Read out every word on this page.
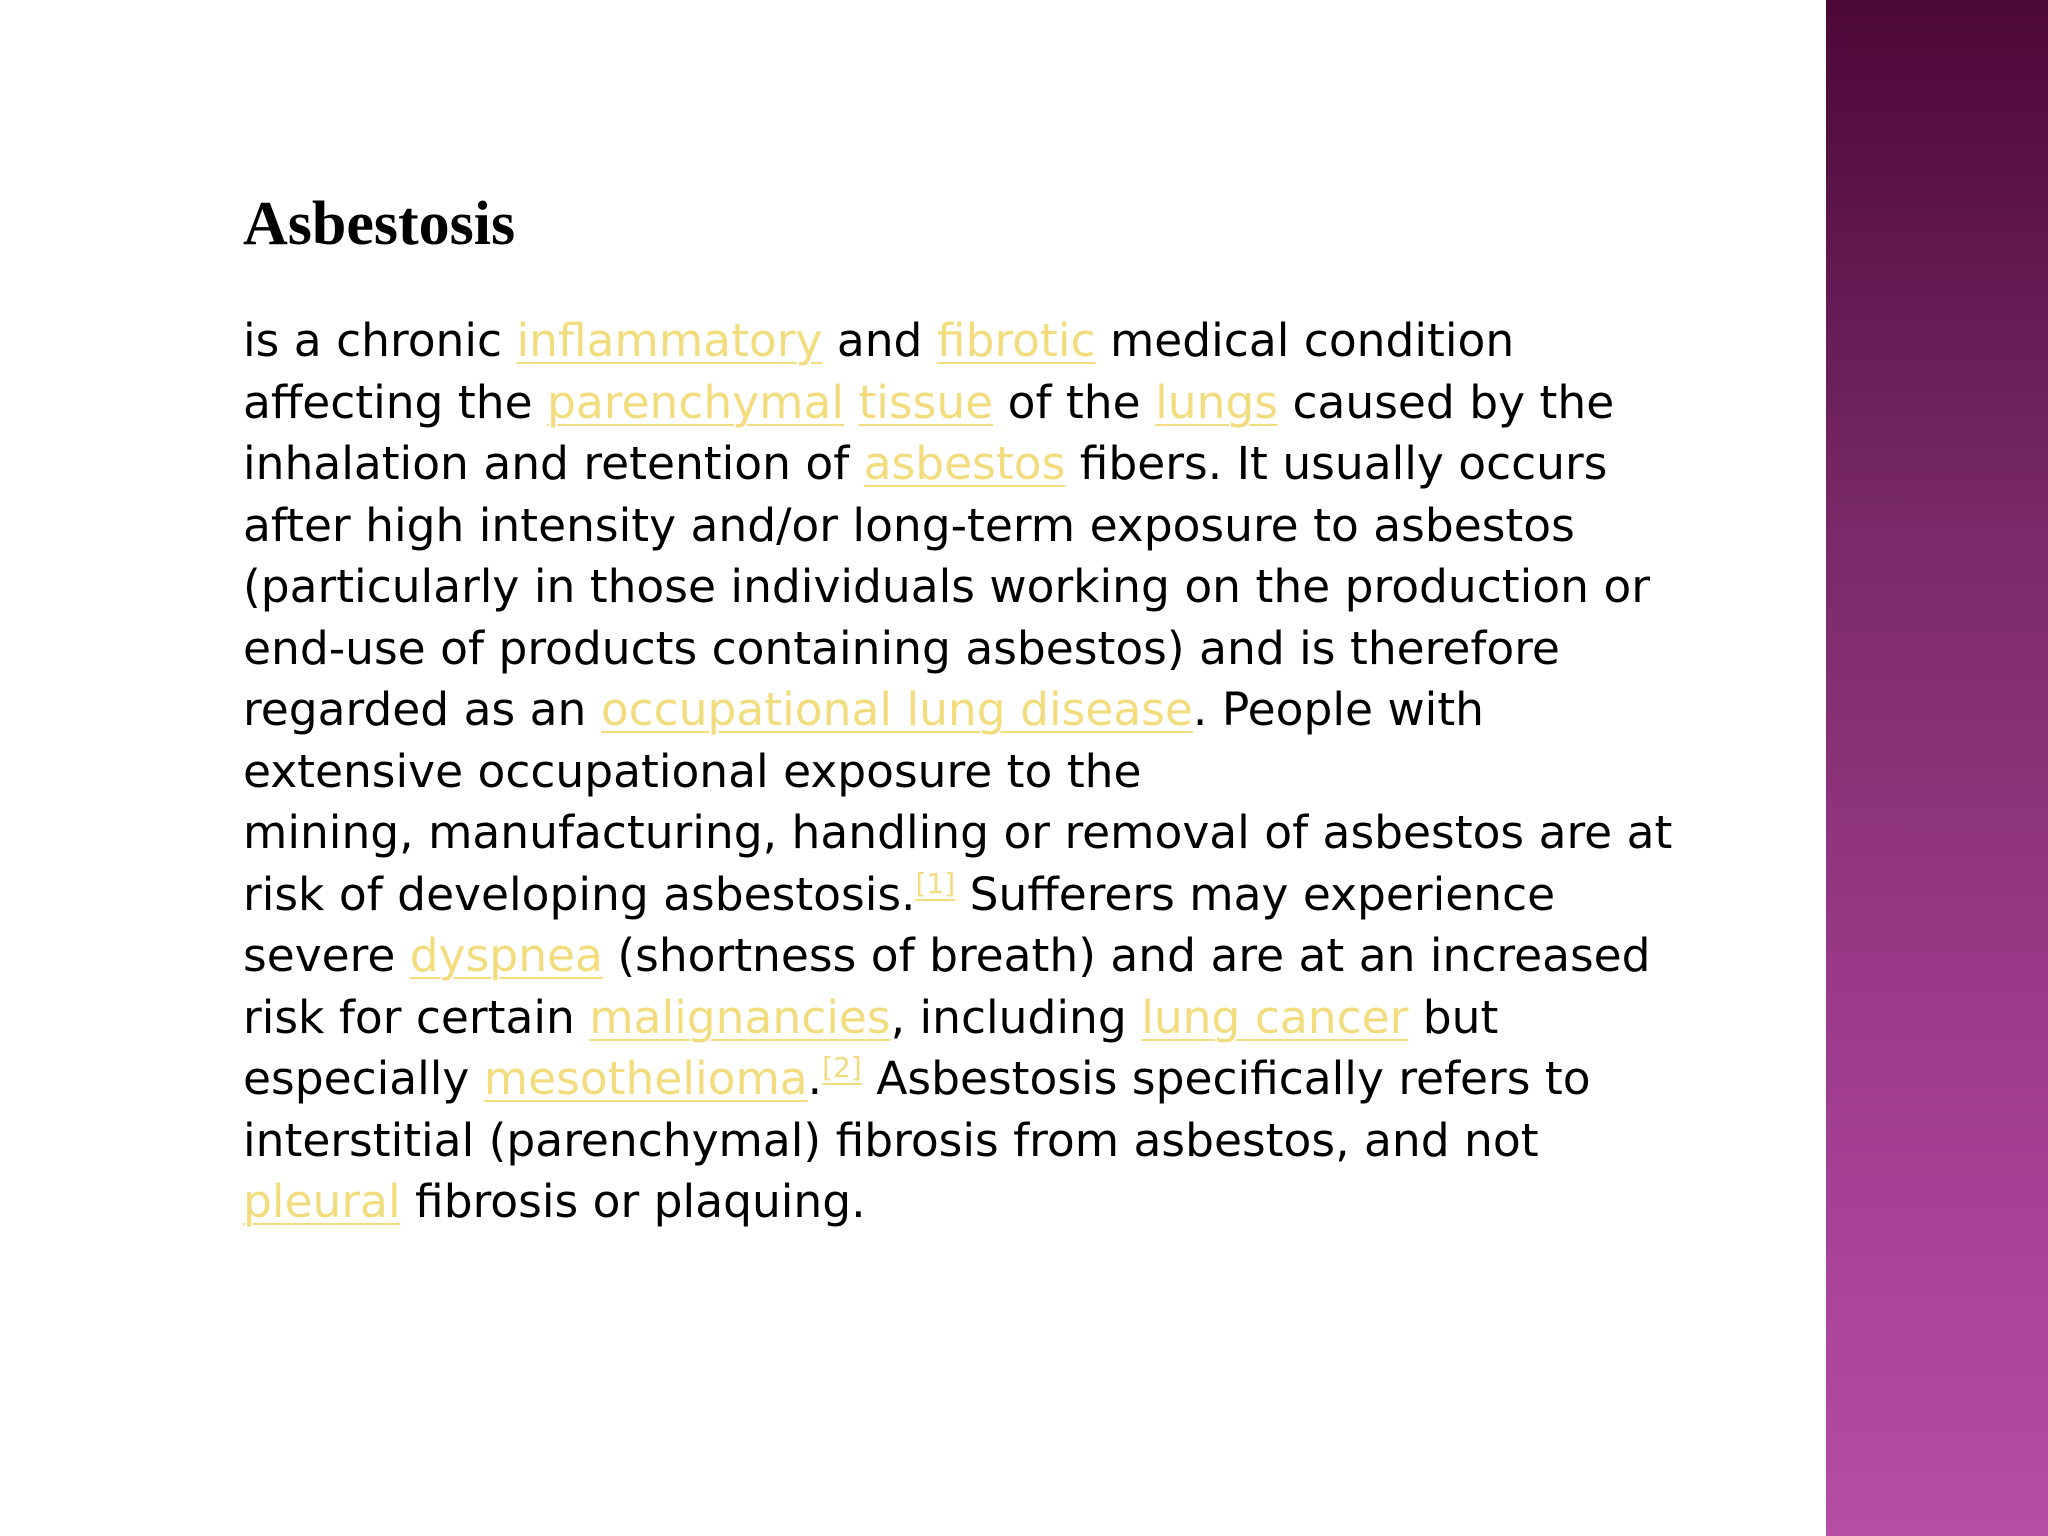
Asbestosis

is a chronic inflammatory and fibrotic medical condition affecting the parenchymal tissue of the lungs caused by the inhalation and retention of asbestos fibers. It usually occurs after high intensity and/or long-term exposure to asbestos (particularly in those individuals working on the production or end-use of products containing asbestos) and is therefore regarded as an occupational lung disease. People with extensive occupational exposure to the
mining, manufacturing, handling or removal of asbestos are at risk of developing asbestosis.[1] Sufferers may experience severe dyspnea (shortness of breath) and are at an increased risk for certain malignancies, including lung cancer but especially mesothelioma.[2] Asbestosis specifically refers to interstitial (parenchymal) fibrosis from asbestos, and not pleural fibrosis or plaquing.
